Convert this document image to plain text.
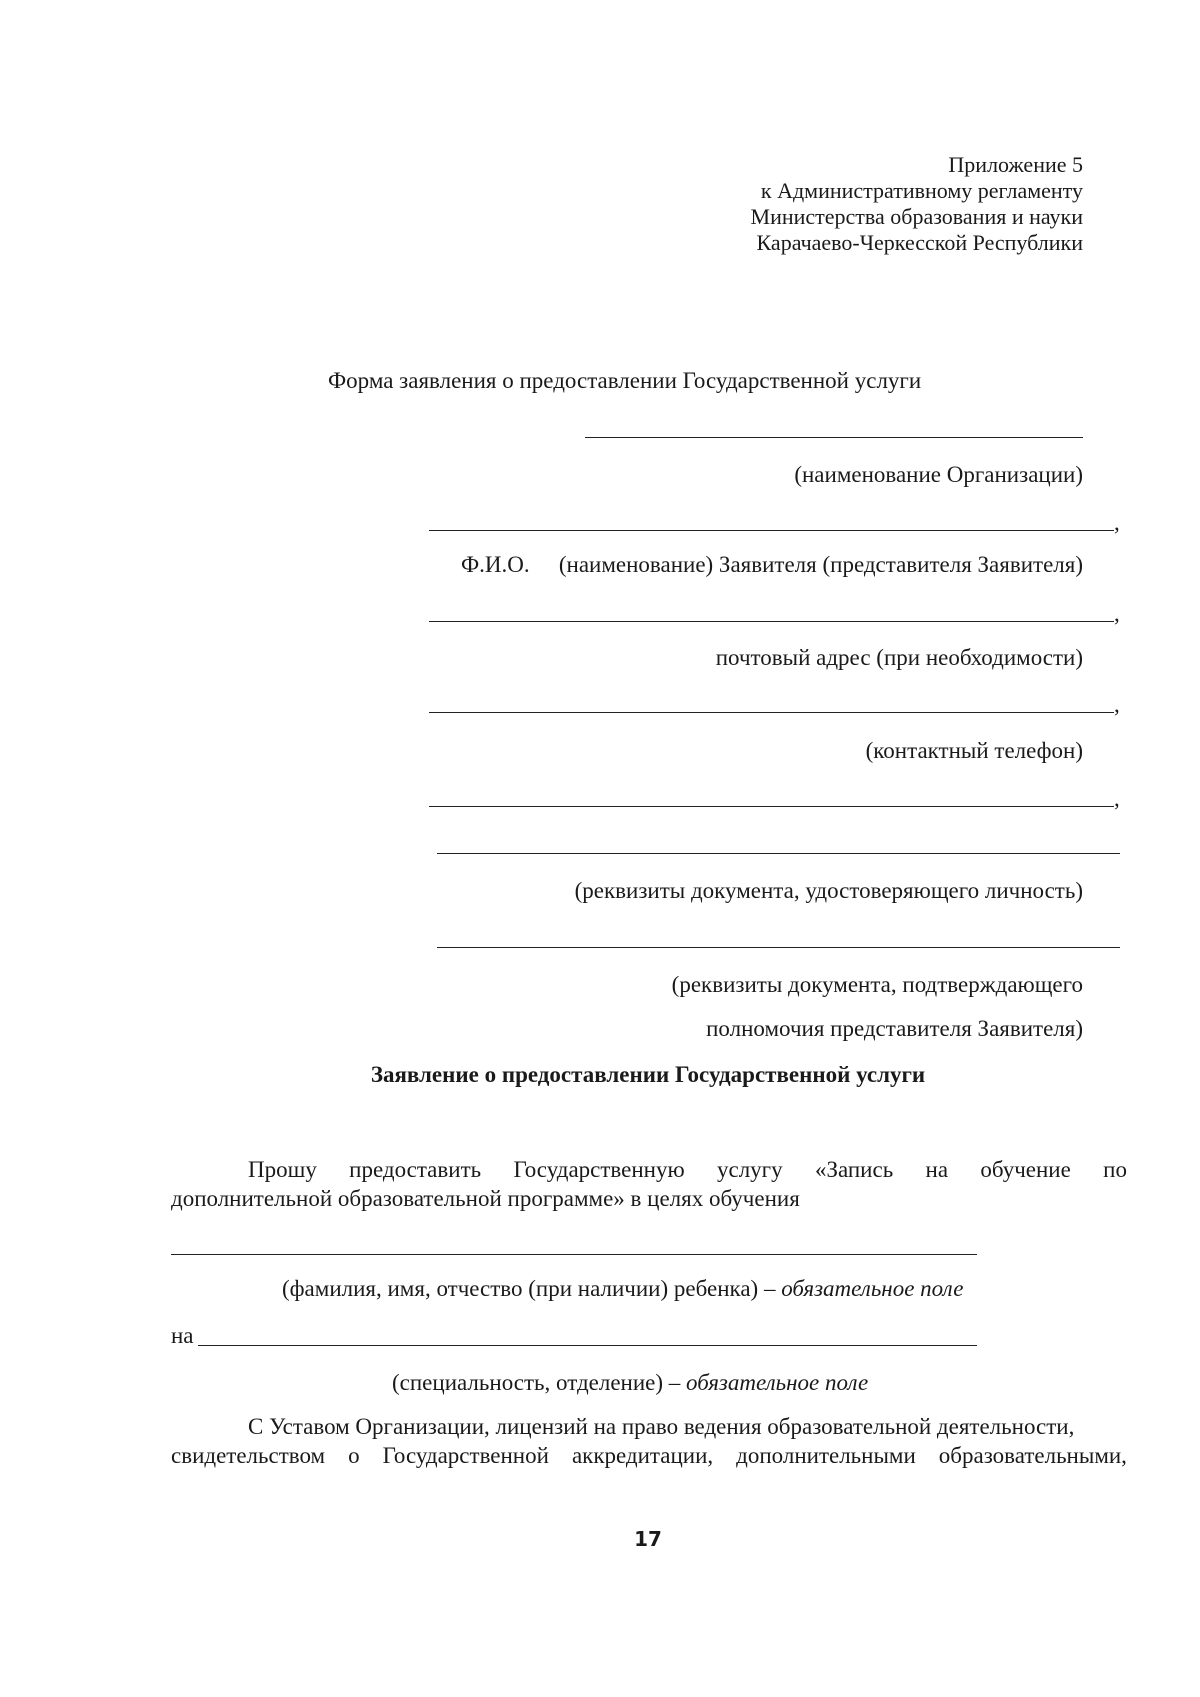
Приложение 5
к Административному регламенту
Министерства образования и науки
Карачаево-Черкесской Республики
Форма заявления о предоставлении Государственной услуги
(наименование Организации)
,
Ф.И.О. (наименование) Заявителя (представителя Заявителя)
,
почтовый адрес (при необходимости)
,
(контактный телефон)
,
(реквизиты документа, удостоверяющего личность)
(реквизиты документа, подтверждающего
полномочия представителя Заявителя)
Заявление о предоставлении Государственной услуги
Прошу предоставить Государственную услугу «Запись на обучение по
дополнительной образовательной программе» в целях обучения
(фамилия, имя, отчество (при наличии) ребенка) – обязательное поле
на
(специальность, отделение) – обязательное поле
С Уставом Организации, лицензий на право ведения образовательной деятельности,
свидетельством о Государственной аккредитации, дополнительными образовательными,
17
